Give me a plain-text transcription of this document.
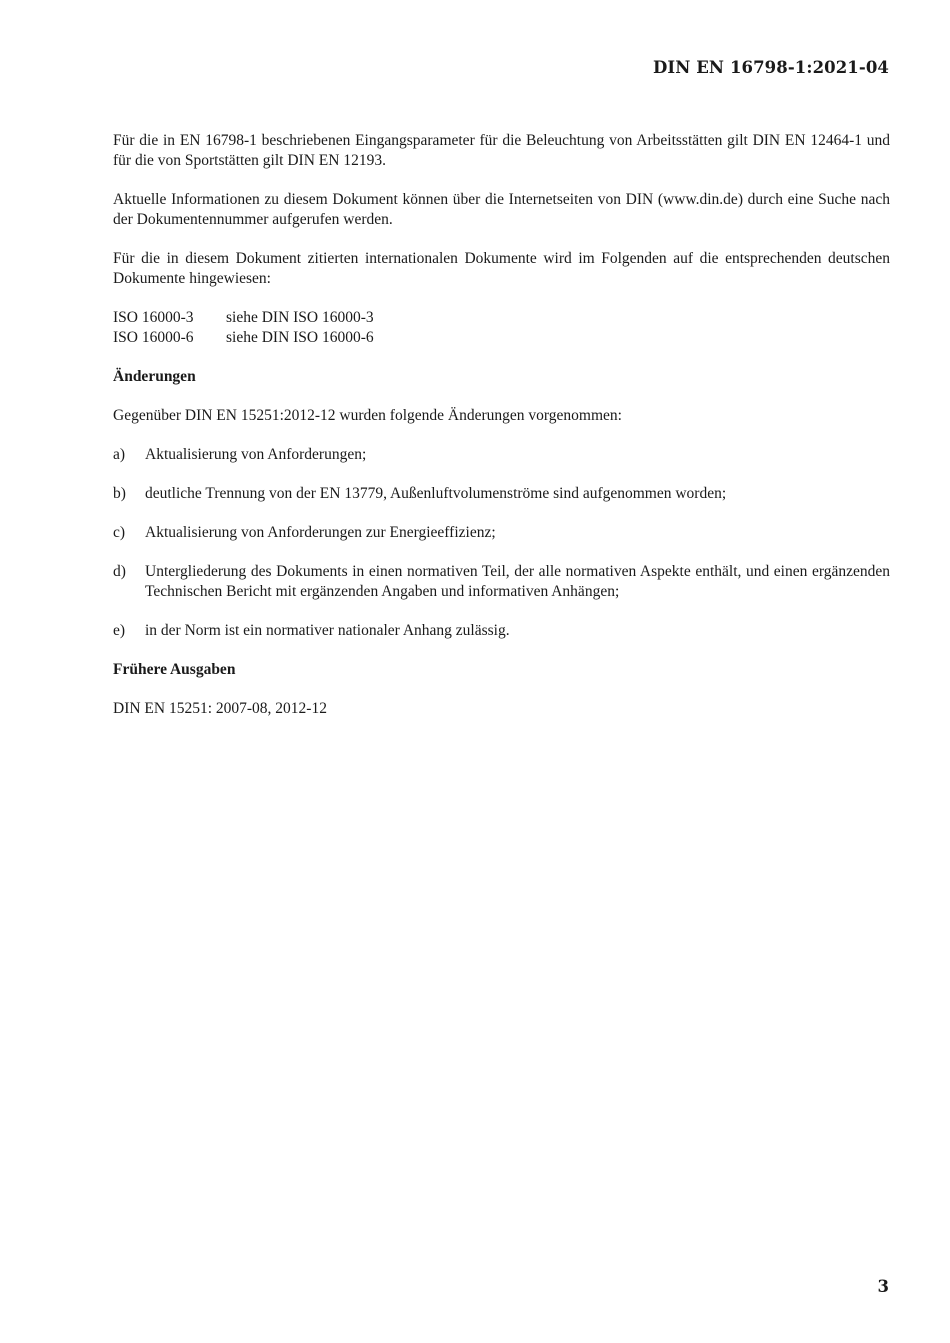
DIN EN 16798-1:2021-04

Für die in EN 16798-1 beschriebenen Eingangsparameter für die Beleuchtung von Arbeitsstätten gilt DIN EN 12464-1 und für die von Sportstätten gilt DIN EN 12193.

Aktuelle Informationen zu diesem Dokument können über die Internetseiten von DIN (www.din.de) durch eine Suche nach der Dokumentennummer aufgerufen werden.

Für die in diesem Dokument zitierten internationalen Dokumente wird im Folgenden auf die entsprechenden deutschen Dokumente hingewiesen:

ISO 16000-3	siehe DIN ISO 16000-3
ISO 16000-6	siehe DIN ISO 16000-6
Änderungen

Gegenüber DIN EN 15251:2012-12 wurden folgende Änderungen vorgenommen:

a)	Aktualisierung von Anforderungen;
b)	deutliche Trennung von der EN 13779, Außenluftvolumenströme sind aufgenommen worden;
c)	Aktualisierung von Anforderungen zur Energieeffizienz;
d)	Untergliederung des Dokuments in einen normativen Teil, der alle normativen Aspekte enthält, und einen ergänzenden Technischen Bericht mit ergänzenden Angaben und informativen Anhängen;
e)	in der Norm ist ein normativer nationaler Anhang zulässig.
Frühere Ausgaben

DIN EN 15251: 2007-08, 2012-12

3
